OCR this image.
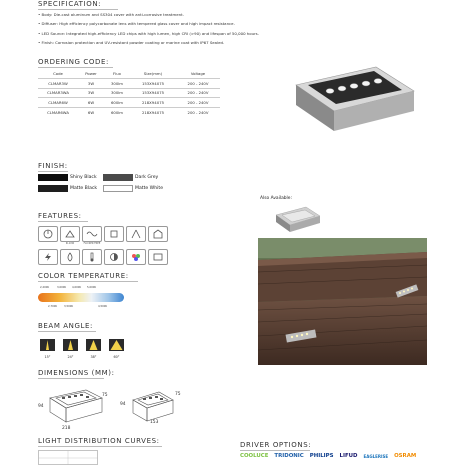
SPECIFICATION:
• Body: Die-cast aluminum and SS304 cover with anti-corrosive treatment.
• Diffuser: High efficiency polycarbonate lens with tempered glass cover and high impact resistance.
• LED Source: Integrated high-efficiency LED chips with high lumen, high CRI (>90) and lifespan of 50,000 hours.
• Finish: Corrosion protection and UV-resistant powder coating or marine coat with IP67 Sealed.
ORDERING CODE:
Code	Power	Flux	Size(mm)	Voltage
CLMAR3W	3W	300lm	153X94X75	200 - 240V
CLMAR3WA	3W	300lm	153X94X75	200 - 240V
CLMAR6W	6W	600lm	218X94X75	200 - 240V
CLMAR6WA	6W	600lm	218X94X75	200 - 240V
FINISH:
Shiny Black	Dark Grey
Matte Black	Matte White
Also Available:
FEATURES:
IK-10W	FLICKER FREE
COLOR TEMPERATURE:
2,200K	3,000K 4,000K 5,000K
2,700K	3,500K	4,500K
BEAM ANGLE:
15°	24°	38°	60°
DIMENSIONS (MM):
94
75
218
94
75
153
LIGHT DISTRIBUTION CURVES:	DRIVER OPTIONS:
COOLUCE TRIDONIC PHILIPS LIFUD EAGLERISE OSRAM
